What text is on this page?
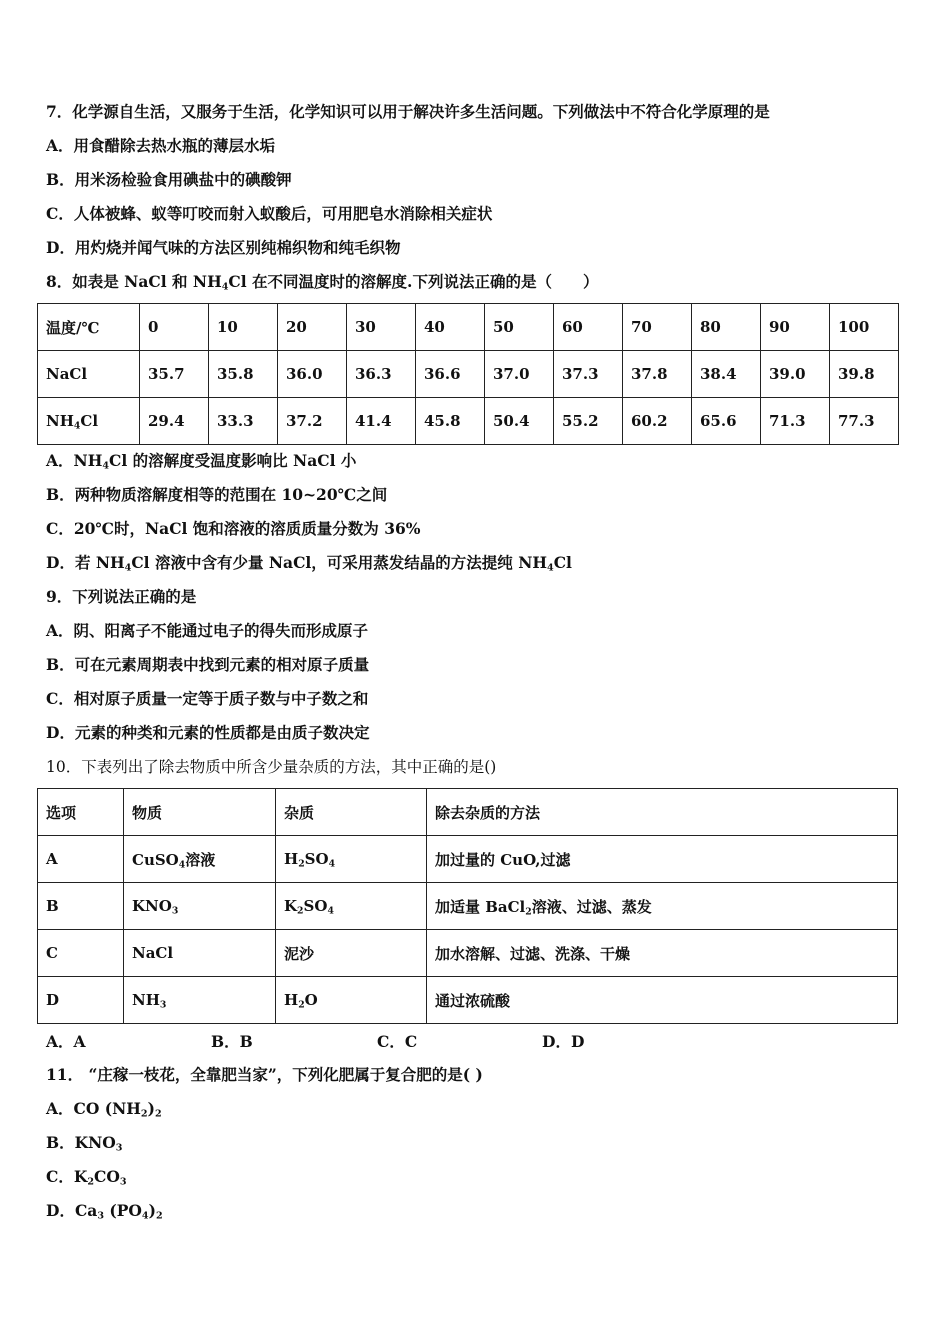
7．化学源自生活，又服务于生活，化学知识可以用于解决许多生活问题。下列做法中不符合化学原理的是
A．用食醋除去热水瓶的薄层水垢
B．用米汤检验食用碘盐中的碘酸钾
C．人体被蜂、蚁等叮咬而射入蚁酸后，可用肥皂水消除相关症状
D．用灼烧并闻气味的方法区别纯棉织物和纯毛织物
8．如表是 NaCl 和 $NH_4Cl$ 在不同温度时的溶解度.下列说法正确的是（　　）
温度/℃	0	10	20	30	40	50	60	70	80	90	100
NaCl	35.7	35.8	36.0	36.3	36.6	37.0	37.3	37.8	38.4	39.0	39.8
$NH_4Cl$	29.4	33.3	37.2	41.4	45.8	50.4	55.2	60.2	65.6	71.3	77.3
A．$NH_4Cl$ 的溶解度受温度影响比 NaCl 小
B．两种物质溶解度相等的范围在 10~20℃之间
C．20℃时，NaCl 饱和溶液的溶质质量分数为 36%
D．若 $NH_4Cl$ 溶液中含有少量 NaCl，可采用蒸发结晶的方法提纯 $NH_4Cl$
9．下列说法正确的是
A．阴、阳离子不能通过电子的得失而形成原子
B．可在元素周期表中找到元素的相对原子质量
C．相对原子质量一定等于质子数与中子数之和
D．元素的种类和元素的性质都是由质子数决定
10．下表列出了除去物质中所含少量杂质的方法，其中正确的是()
选项	物质	杂质	除去杂质的方法
A	CuSO$_4$溶液	$H_2SO_4$	加过量的 CuO,过滤
B	$KNO_3$	$K_2SO_4$	加适量 BaCl$_2$溶液、过滤、蒸发
C	NaCl	泥沙	加水溶解、过滤、洗涤、干燥
D	$NH_3$	$H_2O$	通过浓硫酸
A．A	B．B	C．C	D．D
11． “庄稼一枝花，全靠肥当家”，下列化肥属于复合肥的是( )
A．CO $(NH_2)_2$
B．$KNO_3$
C．$K_2CO_3$
D．$Ca_3$ $(PO_4)_2$
